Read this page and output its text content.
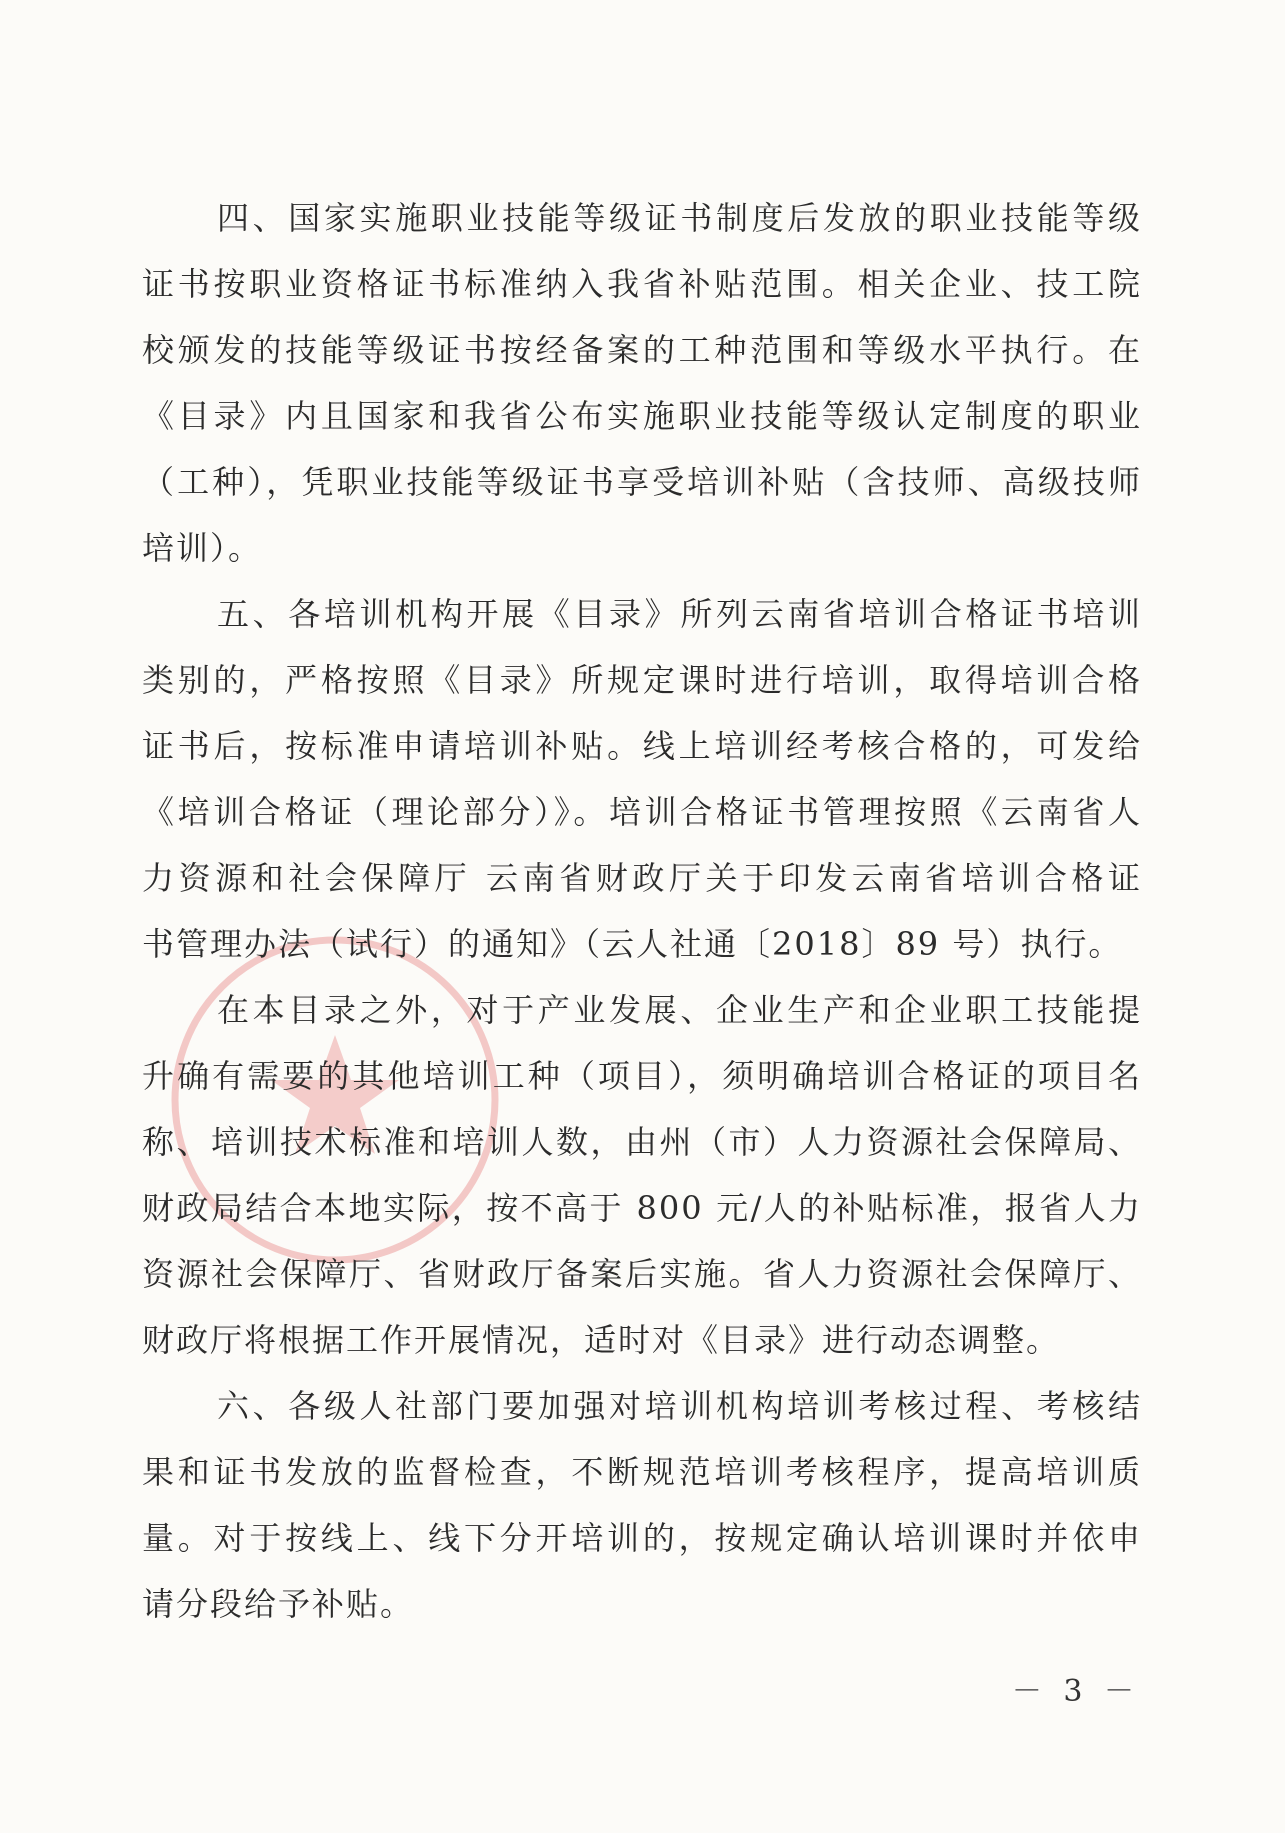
四、国家实施职业技能等级证书制度后发放的职业技能等级
证书按职业资格证书标准纳入我省补贴范围。相关企业、技工院
校颁发的技能等级证书按经备案的工种范围和等级水平执行。在
《目录》内且国家和我省公布实施职业技能等级认定制度的职业
（工种），凭职业技能等级证书享受培训补贴（含技师、高级技师
培训）。
五、各培训机构开展《目录》所列云南省培训合格证书培训
类别的，严格按照《目录》所规定课时进行培训，取得培训合格
证书后，按标准申请培训补贴。线上培训经考核合格的，可发给
《培训合格证（理论部分）》。培训合格证书管理按照《云南省人
力资源和社会保障厅 云南省财政厅关于印发云南省培训合格证
书管理办法（试行）的通知》（云人社通〔2018〕89 号）执行。
在本目录之外，对于产业发展、企业生产和企业职工技能提
升确有需要的其他培训工种（项目），须明确培训合格证的项目名
称、培训技术标准和培训人数，由州（市）人力资源社会保障局、
财政局结合本地实际，按不高于 800 元/人的补贴标准，报省人力
资源社会保障厅、省财政厅备案后实施。省人力资源社会保障厅、
财政厅将根据工作开展情况，适时对《目录》进行动态调整。
六、各级人社部门要加强对培训机构培训考核过程、考核结
果和证书发放的监督检查，不断规范培训考核程序，提高培训质
量。对于按线上、线下分开培训的，按规定确认培训课时并依申
请分段给予补贴。
－ 3 －
